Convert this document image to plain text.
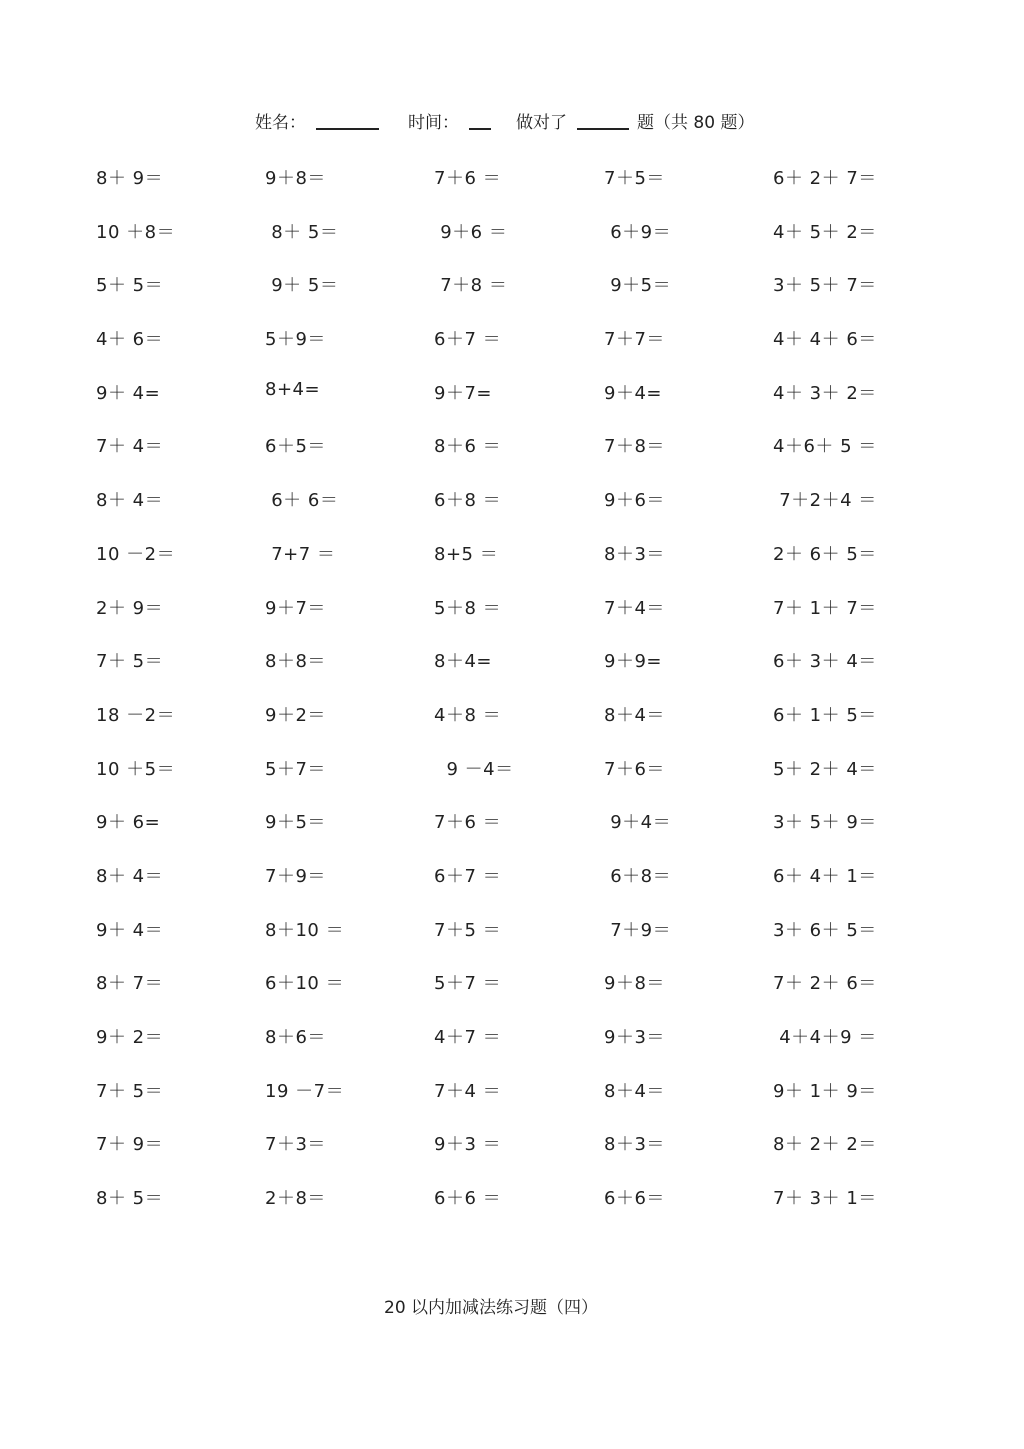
姓名：	时间：	做对了	题（共 80 题）
8＋ 9＝	9＋8＝	7＋6 ＝	7＋5＝	6＋ 2＋ 7＝
10 ＋8＝	8＋ 5＝	9＋6 ＝	6＋9＝	4＋ 5＋ 2＝
5＋ 5＝	9＋ 5＝	7＋8 ＝	9＋5＝	3＋ 5＋ 7＝
4＋ 6＝	5＋9＝	6＋7 ＝	7＋7＝	4＋ 4＋ 6＝
9＋ 4=	8+4=	9＋7=	9＋4=	4＋ 3＋ 2＝
7＋ 4＝	6＋5＝	8＋6 ＝	7＋8＝	4＋6＋ 5 ＝
8＋ 4＝	6＋ 6＝	6＋8 ＝	9＋6＝	7＋2＋4 ＝
10 －2＝	7+7 ＝	8+5 ＝	8＋3＝	2＋ 6＋ 5＝
2＋ 9＝	9＋7＝	5＋8 ＝	7＋4＝	7＋ 1＋ 7＝
7＋ 5＝	8＋8＝	8＋4=	9＋9=	6＋ 3＋ 4＝
18 －2＝	9＋2＝	4＋8 ＝	8＋4＝	6＋ 1＋ 5＝
10 ＋5＝	5＋7＝	9 －4＝	7＋6＝	5＋ 2＋ 4＝
9＋ 6=	9＋5＝	7＋6 ＝	9＋4＝	3＋ 5＋ 9＝
8＋ 4＝	7＋9＝	6＋7 ＝	6＋8＝	6＋ 4＋ 1＝
9＋ 4＝	8＋10 ＝	7＋5 ＝	7＋9＝	3＋ 6＋ 5＝
8＋ 7＝	6＋10 ＝	5＋7 ＝	9＋8＝	7＋ 2＋ 6＝
9＋ 2＝	8＋6＝	4＋7 ＝	9＋3＝	4＋4＋9 ＝
7＋ 5＝	19 －7＝	7＋4 ＝	8＋4＝	9＋ 1＋ 9＝
7＋ 9＝	7＋3＝	9＋3 ＝	8＋3＝	8＋ 2＋ 2＝
8＋ 5＝	2＋8＝	6＋6 ＝	6＋6＝	7＋ 3＋ 1＝
20 以内加减法练习题（四）
